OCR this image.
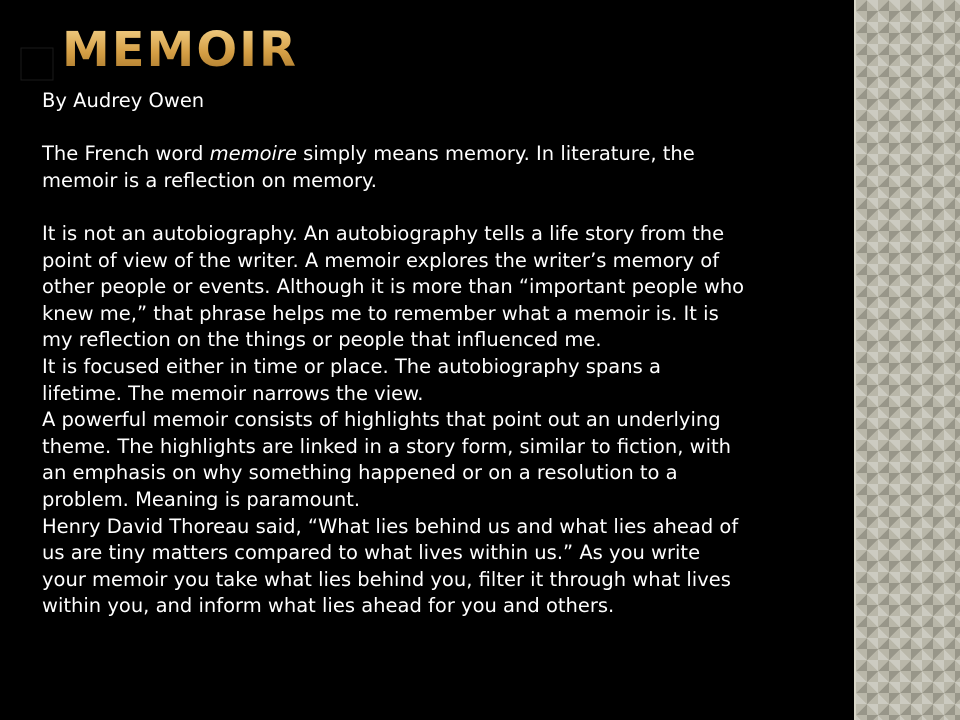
MEMOIR

By Audrey Owen

The French word memoire simply means memory. In literature, the

memoir is a reflection on memory.

It is not an autobiography. An autobiography tells a life story from the

point of view of the writer. A memoir explores the writer’s memory of

other people or events. Although it is more than “important people who

knew me,” that phrase helps me to remember what a memoir is. It is

my reflection on the things or people that influenced me.

It is focused either in time or place. The autobiography spans a

lifetime. The memoir narrows the view.

A powerful memoir consists of highlights that point out an underlying

theme. The highlights are linked in a story form, similar to fiction, with

an emphasis on why something happened or on a resolution to a

problem. Meaning is paramount.

Henry David Thoreau said, “What lies behind us and what lies ahead of

us are tiny matters compared to what lives within us.” As you write

your memoir you take what lies behind you, filter it through what lives

within you, and inform what lies ahead for you and others.
